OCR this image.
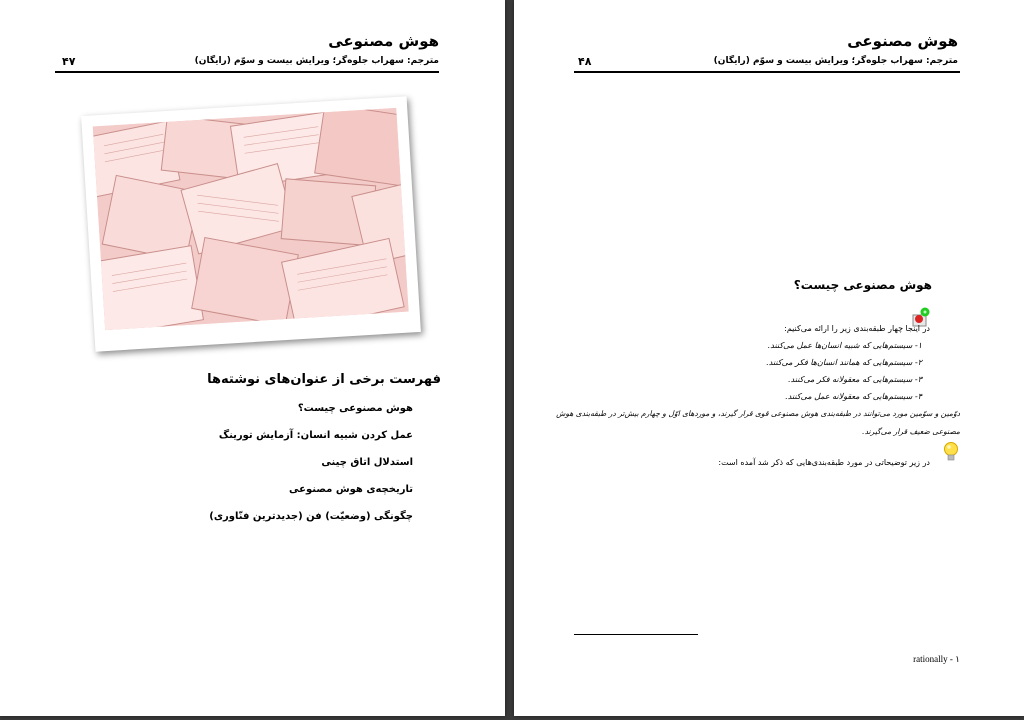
هوش مصنوعی
مترجم: سهراب جلوه‌گر؛ ویرایش بیست و سوّم (رایگان)
۴۷
فهرست برخی از عنوان‌های نوشته‌ها
هوش مصنوعی چیست؟
عمل کردن شبیه انسان: آزمایش تورینگ
استدلال اتاق چینی
تاریخچه‌ی هوش مصنوعی
چگونگی (وضعیّت) فن (جدیدترین فنّاوری)
هوش مصنوعی
مترجم: سهراب جلوه‌گر؛ ویرایش بیست و سوّم (رایگان)
۴۸
هوش مصنوعی چیست؟
در اینجا چهار طبقه‌بندی زیر را ارائه می‌کنیم:
۱- سیستم‌هایی که شبیه انسان‌ها عمل می‌کنند.
۲- سیستم‌هایی که همانند انسان‌ها فکر می‌کنند.
۳- سیستم‌هایی که معقولانه فکر می‌کنند.
۴- سیستم‌هایی که معقولانه عمل می‌کنند.
دوّمین و سوّمین مورد می‌توانند در طبقه‌بندی هوش مصنوعی قوی قرار گیرند، و موردهای اوّل و چهارم بیش‌تر در طبقه‌بندی هوش
مصنوعی ضعیف قرار می‌گیرند.
در زیر توضیحاتی در مورد طبقه‌بندی‌هایی که ذکر شد آمده است:
rationally - ۱
